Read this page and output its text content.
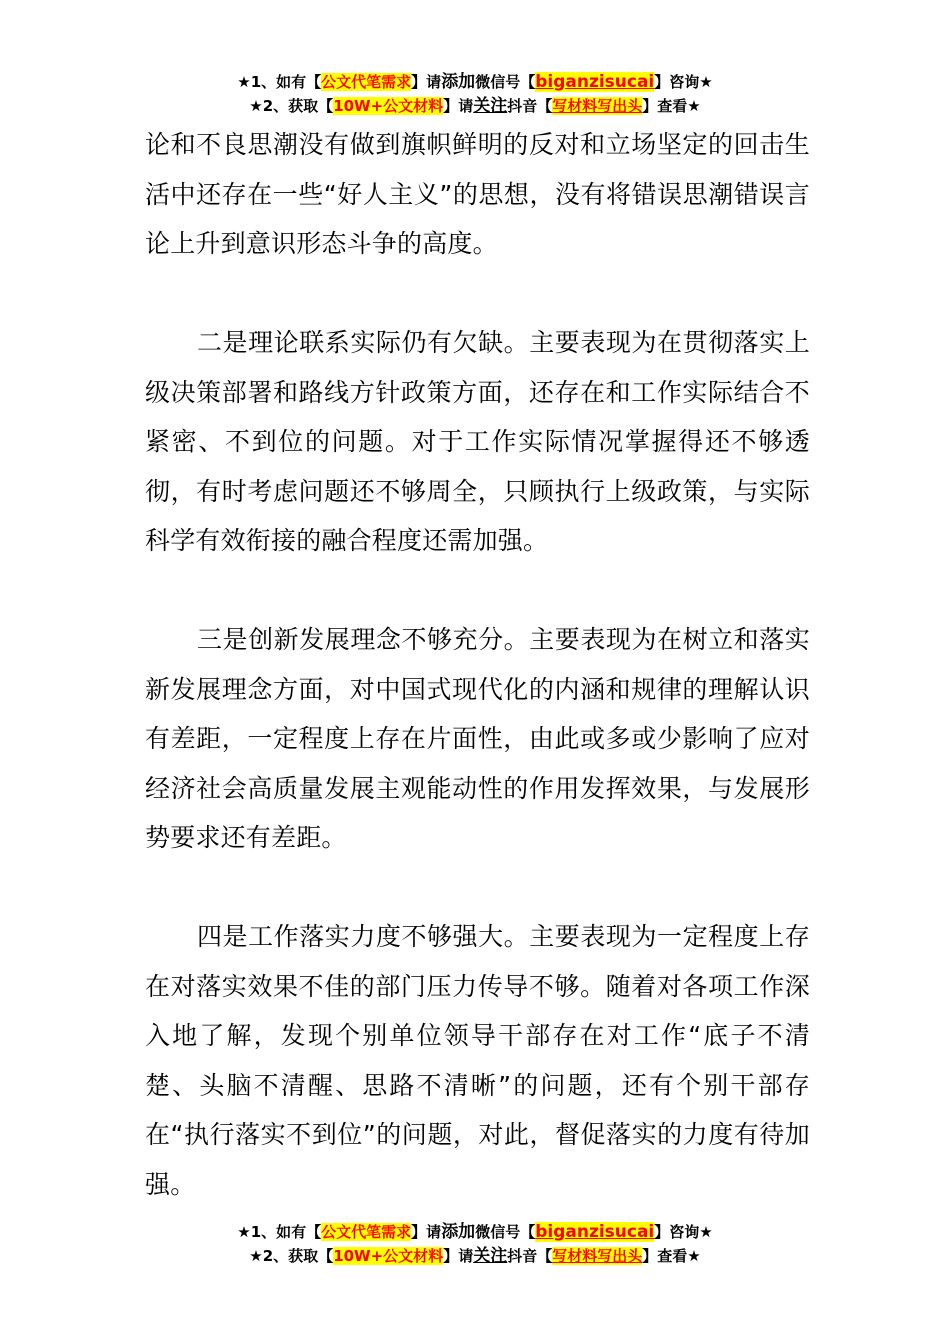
★1、如有【公文代笔需求】请添加微信号【biganzisucai】咨询★
★2、获取【10W+公文材料】请关注抖音【写材料写出头】查看★

论和不良思潮没有做到旗帜鲜明的反对和立场坚定的回击生活中还存在一些“好人主义”的思想，没有将错误思潮错误言论上升到意识形态斗争的高度。

二是理论联系实际仍有欠缺。主要表现为在贯彻落实上级决策部署和路线方针政策方面，还存在和工作实际结合不紧密、不到位的问题。对于工作实际情况掌握得还不够透彻，有时考虑问题还不够周全，只顾执行上级政策，与实际科学有效衔接的融合程度还需加强。

三是创新发展理念不够充分。主要表现为在树立和落实新发展理念方面，对中国式现代化的内涵和规律的理解认识有差距，一定程度上存在片面性，由此或多或少影响了应对经济社会高质量发展主观能动性的作用发挥效果，与发展形势要求还有差距。

四是工作落实力度不够强大。主要表现为一定程度上存在对落实效果不佳的部门压力传导不够。随着对各项工作深入地了解，发现个别单位领导干部存在对工作“底子不清楚、头脑不清醒、思路不清晰”的问题，还有个别干部存在“执行落实不到位”的问题，对此，督促落实的力度有待加强。

★1、如有【公文代笔需求】请添加微信号【biganzisucai】咨询★
★2、获取【10W+公文材料】请关注抖音【写材料写出头】查看★
